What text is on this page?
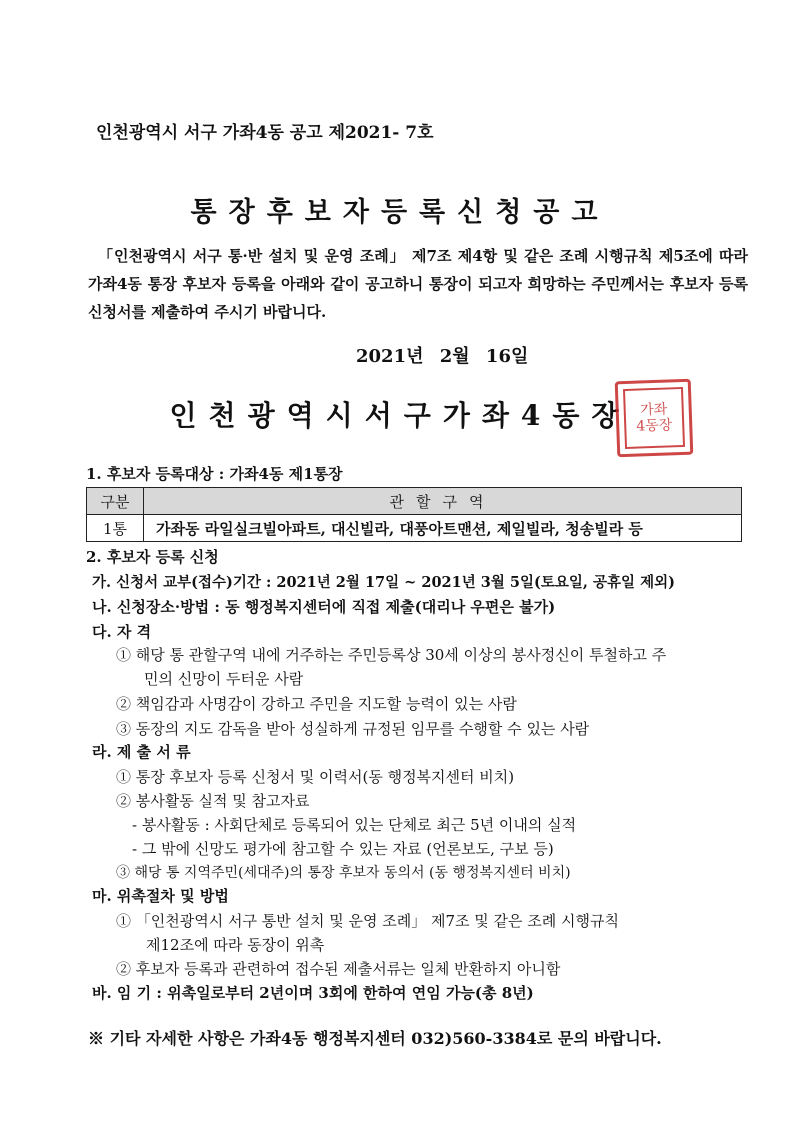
인천광역시 서구 가좌4동 공고 제2021- 7호
통장후보자등록신청공고
「인천광역시 서구 통·반 설치 및 운영 조례」 제7조 제4항 및 같은 조례 시행규칙 제5조에 따라 가좌4동 통장 후보자 등록을 아래와 같이 공고하니 통장이 되고자 희망하는 주민께서는 후보자 등록신청서를 제출하여 주시기 바랍니다.
2021년 2월 16일
인천광역시서구가좌4동장 가좌
4동장
1. 후보자 등록대상 : 가좌4동 제1통장
구분	관할구역
1통	가좌동 라일실크빌아파트, 대신빌라, 대풍아트맨션, 제일빌라, 청송빌라 등
2. 후보자 등록 신청
가. 신청서 교부(접수)기간 : 2021년 2월 17일 ~ 2021년 3월 5일(토요일, 공휴일 제외)
나. 신청장소·방법 : 동 행정복지센터에 직접 제출(대리나 우편은 불가)
다. 자 격
① 해당 통 관할구역 내에 거주하는 주민등록상 30세 이상의 봉사정신이 투철하고 주
민의 신망이 두터운 사람
② 책임감과 사명감이 강하고 주민을 지도할 능력이 있는 사람
③ 동장의 지도 감독을 받아 성실하게 규정된 임무를 수행할 수 있는 사람
라. 제 출 서 류
① 통장 후보자 등록 신청서 및 이력서(동 행정복지센터 비치)
② 봉사활동 실적 및 참고자료
- 봉사활동 : 사회단체로 등록되어 있는 단체로 최근 5년 이내의 실적
- 그 밖에 신망도 평가에 참고할 수 있는 자료 (언론보도, 구보 등)
③ 해당 통 지역주민(세대주)의 통장 후보자 동의서 (동 행정복지센터 비치)
마. 위촉절차 및 방법
① 「인천광역시 서구 통반 설치 및 운영 조례」 제7조 및 같은 조례 시행규칙
제12조에 따라 동장이 위촉
② 후보자 등록과 관련하여 접수된 제출서류는 일체 반환하지 아니함
바. 임 기 : 위촉일로부터 2년이며 3회에 한하여 연임 가능(총 8년)
※ 기타 자세한 사항은 가좌4동 행정복지센터 032)560-3384로 문의 바랍니다.
